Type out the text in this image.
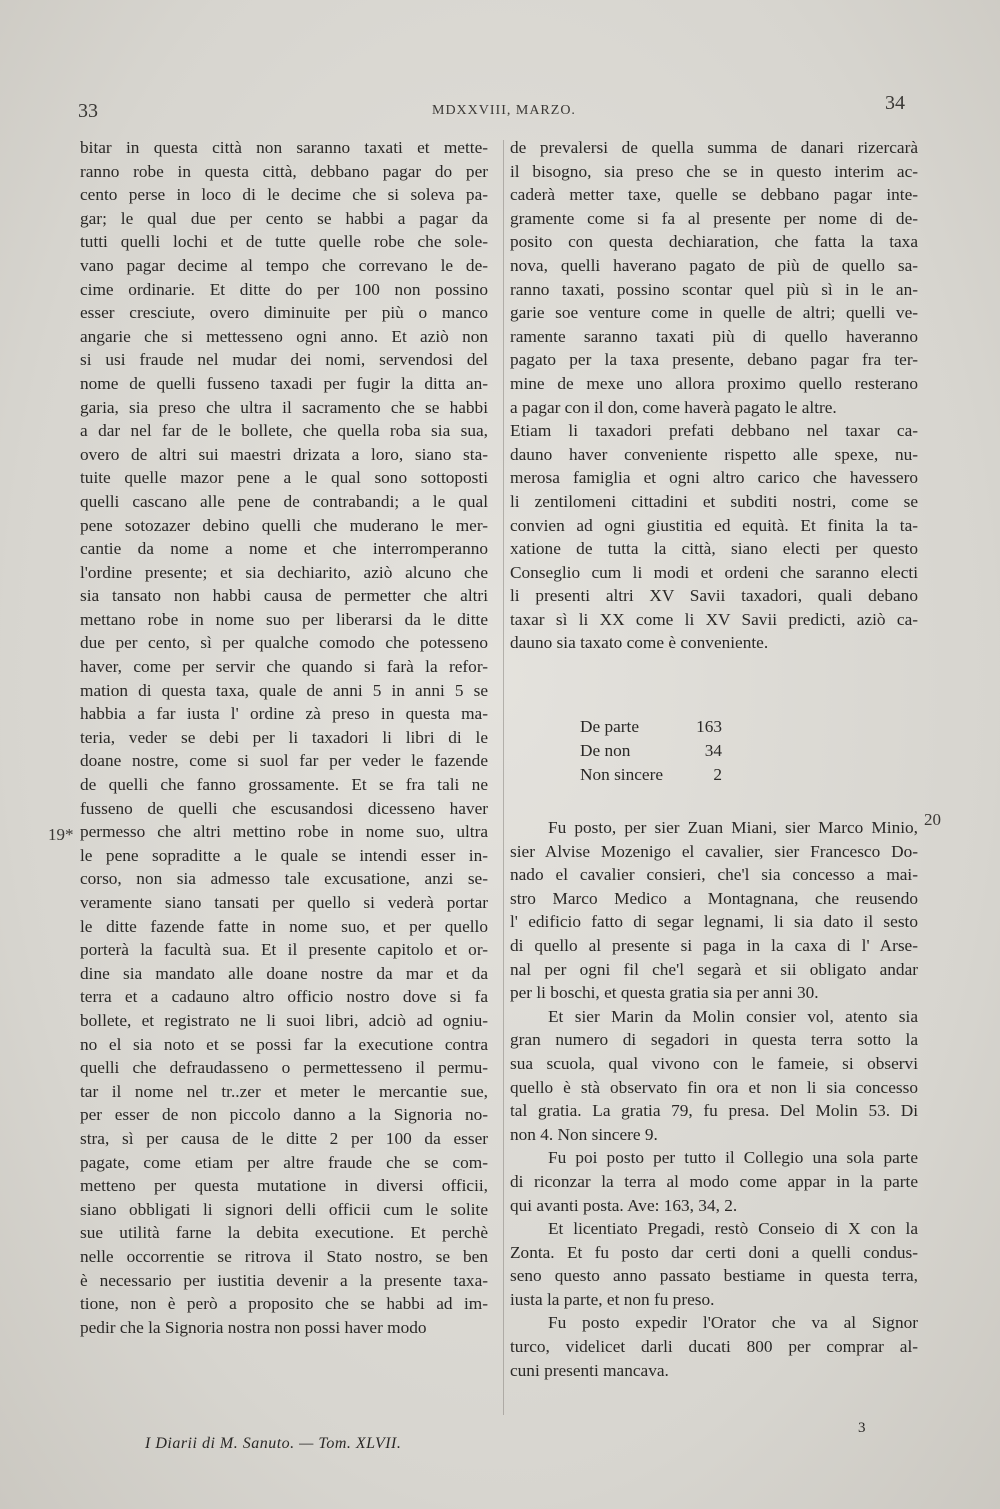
33	MDXXVIII, MARZO.	34
bitar in questa città non saranno taxati et mette-
ranno robe in questa città, debbano pagar do per
cento perse in loco di le decime che si soleva pa-
gar; le qual due per cento se habbi a pagar da
tutti quelli lochi et de tutte quelle robe che sole-
vano pagar decime al tempo che correvano le de-
cime ordinarie. Et ditte do per 100 non possino
esser cresciute, overo diminuite per più o manco
angarie che si mettesseno ogni anno. Et aziò non
si usi fraude nel mudar dei nomi, servendosi del
nome de quelli fusseno taxadi per fugir la ditta an-
garia, sia preso che ultra il sacramento che se habbi
a dar nel far de le bollete, che quella roba sia sua,
overo de altri sui maestri drizata a loro, siano sta-
tuite quelle mazor pene a le qual sono sottoposti
quelli cascano alle pene de contrabandi; a le qual
pene sotozazer debino quelli che muderano le mer-
cantie da nome a nome et che interromperanno
l'ordine presente; et sia dechiarito, aziò alcuno che
sia tansato non habbi causa de permetter che altri
mettano robe in nome suo per liberarsi da le ditte
due per cento, sì per qualche comodo che potesseno
haver, come per servir che quando si farà la refor-
mation di questa taxa, quale de anni 5 in anni 5 se
habbia a far iusta l' ordine zà preso in questa ma-
teria, veder se debi per li taxadori li libri di le
doane nostre, come si suol far per veder le fazende
de quelli che fanno grossamente. Et se fra tali ne
fusseno de quelli che escusandosi dicesseno haver
permesso che altri mettino robe in nome suo, ultra
le pene sopraditte a le quale se intendi esser in-
corso, non sia admesso tale excusatione, anzi se-
veramente siano tansati per quello si vederà portar
le ditte fazende fatte in nome suo, et per quello
porterà la facultà sua. Et il presente capitolo et or-
dine sia mandato alle doane nostre da mar et da
terra et a cadauno altro officio nostro dove si fa
bollete, et registrato ne li suoi libri, adciò ad ogniu-
no el sia noto et se possi far la executione contra
quelli che defraudasseno o permettesseno il permu-
tar il nome nel tr..zer et meter le mercantie sue,
per esser de non piccolo danno a la Signoria no-
stra, sì per causa de le ditte 2 per 100 da esser
pagate, come etiam per altre fraude che se com-
metteno per questa mutatione in diversi officii,
siano obbligati li signori delli officii cum le solite
sue utilità farne la debita executione. Et perchè
nelle occorrentie se ritrova il Stato nostro, se ben
è necessario per iustitia devenir a la presente taxa-
tione, non è però a proposito che se habbi ad im-
pedir che la Signoria nostra non possi haver modo
de prevalersi de quella summa de danari rizercarà
il bisogno, sia preso che se in questo interim ac-
caderà metter taxe, quelle se debbano pagar inte-
gramente come si fa al presente per nome di de-
posito con questa dechiaration, che fatta la taxa
nova, quelli haverano pagato de più de quello sa-
ranno taxati, possino scontar quel più sì in le an-
garie soe venture come in quelle de altri; quelli ve-
ramente saranno taxati più di quello haveranno
pagato per la taxa presente, debano pagar fra ter-
mine de mexe uno allora proximo quello resterano
a pagar con il don, come haverà pagato le altre.
Etiam li taxadori prefati debbano nel taxar ca-
dauno haver conveniente rispetto alle spexe, nu-
merosa famiglia et ogni altro carico che havessero
li zentilomeni cittadini et subditi nostri, come se
convien ad ogni giustitia ed equità. Et finita la ta-
xatione de tutta la città, siano electi per questo
Conseglio cum li modi et ordeni che saranno electi
li presenti altri XV Savii taxadori, quali debano
taxar sì li XX come li XV Savii predicti, aziò ca-
dauno sia taxato come è conveniente.
De parte	163
De non	34
Non sincere	2
Fu posto, per sier Zuan Miani, sier Marco Minio,
sier Alvise Mozenigo el cavalier, sier Francesco Do-
nado el cavalier consieri, che'l sia concesso a mai-
stro Marco Medico a Montagnana, che reusendo
l' edificio fatto di segar legnami, li sia dato il sesto
di quello al presente si paga in la caxa di l' Arse-
nal per ogni fil che'l segarà et sii obligato andar
per li boschi, et questa gratia sia per anni 30.
Et sier Marin da Molin consier vol, atento sia
gran numero di segadori in questa terra sotto la
sua scuola, qual vivono con le fameie, si observi
quello è stà observato fin ora et non li sia concesso
tal gratia. La gratia 79, fu presa. Del Molin 53. Di
non 4. Non sincere 9.
Fu poi posto per tutto il Collegio una sola parte
di riconzar la terra al modo come appar in la parte
qui avanti posta. Ave: 163, 34, 2.
Et licentiato Pregadi, restò Conseio di X con la
Zonta. Et fu posto dar certi doni a quelli condus-
seno questo anno passato bestiame in questa terra,
iusta la parte, et non fu preso.
Fu posto expedir l'Orator che va al Signor
turco, videlicet darli ducati 800 per comprar al-
cuni presenti mancava.
19*
20
3
I Diarii di M. Sanuto. — Tom. XLVII.
